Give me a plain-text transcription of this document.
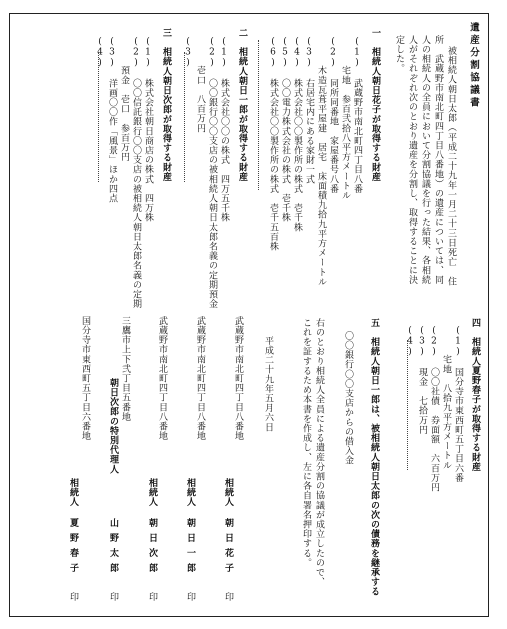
遺産分割協議書
被相続人朝日太郎（平成二十九年一月二十三日死亡　住
所　武蔵野市南北町四丁目八番地）の遺産については、同
人の相続人の全員において分割協議を行った結果、各相続
人がそれぞれ次のとおり遺産を分割し、取得することに決
定した。
一　相続人朝日花子が取得する財産
(1)　武蔵野市南北町四丁目八番
　　　宅地　参百弐拾八平方メートル
(2)　同所同番地　家屋番号八番
　　　木造瓦葺平屋建　居宅　床面積九拾九平方メートル
(3)　右居宅内にある家財一式
(4)　株式会社〇〇製作所の株式　壱千株
(5)　〇〇電力株式会社の株式　壱千株
(6)　株式会社〇〇製作所の株式　壱千五百株
二　相続人朝日一郎が取得する財産
(1)　株式会社〇〇の株式　四万五千株
(2)　〇〇銀行〇〇支店の被相続人朝日太郎名義の定期預金
　　　壱口　八百万円
(3)
三　相続人朝日次郎が取得する財産
(1)　株式会社朝日商店の株式　四万株
(2)　〇〇信託銀行〇〇支店の被相続人朝日太郎名義の定期
　　　預金　壱口　参百万円
(3)　洋画〇〇作「風景」ほか四点
(4)
四　相続人夏野春子が取得する財産
(1)　国分寺市東西町五丁目六番
　　　宅地　八拾九平方メートル
(2)　〇〇社債　券面額　六百万円
(3)　現金　七拾万円
(4)
五　相続人朝日一郎は、被相続人朝日太郎の次の債務を継承する
〇〇銀行〇〇支店からの借入金
右のとおり相続人全員による遺産分割の協議が成立したので、
これを証するため本書を作成し、左に各自署名押印する。
平成二十九年五月六日
武蔵野市南北町四丁目八番地
相続人
朝日花子
印
武蔵野市南北町四丁目八番地
相続人
朝日一郎
印
武蔵野市南北町四丁目八番地
相続人
朝日次郎
印
三鷹市上下弐丁目五番地
朝日次郎の特別代理人
山野太郎
印
国分寺市東西町五丁目六番地
相続人
夏野春子
印
